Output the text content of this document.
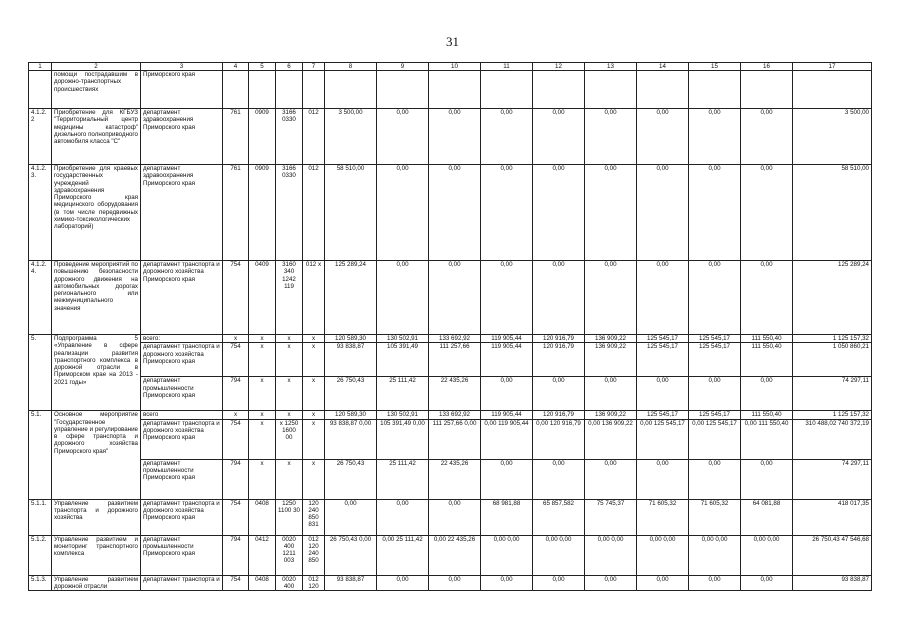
31
1	2	3	4	5	6	7	8	9	10	11	12	13	14	15	16	17
	помощи пострадавшим в дорожно-транспортных происшествиях	Приморского края														
4.1.2.2	Приобретение для КГБУЗ "Территориальный центр медицины катастроф" дизельного полноприводного автомобиля класса "С"	департамент здравоохранения Приморского края	761	0909	3166 0330	012	3 500,00	0,00	0,00	0,00	0,00	0,00	0,00	0,00	0,00	3 500,00
4.1.2.3.	Приобретение для краевых государственных учреждений здравоохранения Приморского края медицинского оборудования (в том числе передвижных химико-токсикологических лабораторий)	департамент здравоохранения Приморского края	761	0909	3166 0330	012	58 510,00	0,00	0,00	0,00	0,00	0,00	0,00	0,00	0,00	58 510,00
4.1.2.4.	Проведение мероприятий по повышению безопасности дорожного движения на автомобильных дорогах регионального или межмуниципального значения	департамент транспорта и дорожного хозяйства Приморского края	754	0409	3160 340 1242 119	012 х	125 289,24	0,00	0,00	0,00	0,00	0,00	0,00	0,00	0,00	125 289,24
5.	Подпрограмма 5 «Управление в сфере реализации развития транспортного комплекса в дорожной отрасли в Приморском крае на 2013 - 2021 годы»	всего:	х	х	х	х	120 589,30	130 502,91	133 692,92	119 905,44	120 916,79	136 909,22	125 545,17	125 545,17	111 550,40	1 125 157,32
		департамент транспорта и дорожного хозяйства Приморского края	754	х	х	х	93 838,87	105 391,49	111 257,66	119 905,44	120 916,79	136 909,22	125 545,17	125 545,17	111 550,40	1 050 860,21
		департамент промышленности Приморского края	794	х	х	х	26 750,43	25 111,42	22 435,26	0,00	0,00	0,00	0,00	0,00	0,00	74 297,11
5.1.	Основное мероприятие "Государственное управление и регулирование в сфере транспорта и дорожного хозяйства Приморского края"	всего	х	х	х	х	120 589,30	130 502,91	133 692,92	119 905,44	120 916,79	136 909,22	125 545,17	125 545,17	111 550,40	1 125 157,32
		департамент транспорта и дорожного хозяйства Приморского края	754	х	х 1250 1600 00	х	93 838,87 0,00	105 391,49 0,00	111 257,66 0,00	0,00 119 905,44	0,00 120 916,79	0,00 136 909,22	0,00 125 545,17	0,00 125 545,17	0,00 111 550,40	310 488,02 740 372,19
		департамент промышленности Приморского края	794	х	х	х	26 750,43	25 111,42	22 435,26	0,00	0,00	0,00	0,00	0,00	0,00	74 297,11
5.1.1.	Управление развитием транспорта и дорожного хозяйства	департамент транспорта и дорожного хозяйства Приморского края	754	0408	1250 1100 30	120 240 850 831	0,00	0,00	0,00	68 981,88	65 857,582	75 745,37	71 605,32	71 605,32	64 081,88	418 017,35
5.1.2.	Управление развитием и мониторинг транспортного комплекса	департамент промышленности Приморского края	794	0412	0020 400 1211 003	012 120 240 850	26 750,43 0,00	0,00 25 111,42	0,00 22 435,26	0,00 0,00	0,00 0,00	0,00 0,00	0,00 0,00	0,00 0,00	0,00 0,00	26 750,43 47 546,68
5.1.3.	Управление развитием дорожной отрасли	департамент транспорта и	754	0408	0020 400	012 120	93 838,87	0,00	0,00	0,00	0,00	0,00	0,00	0,00	0,00	93 838,87
